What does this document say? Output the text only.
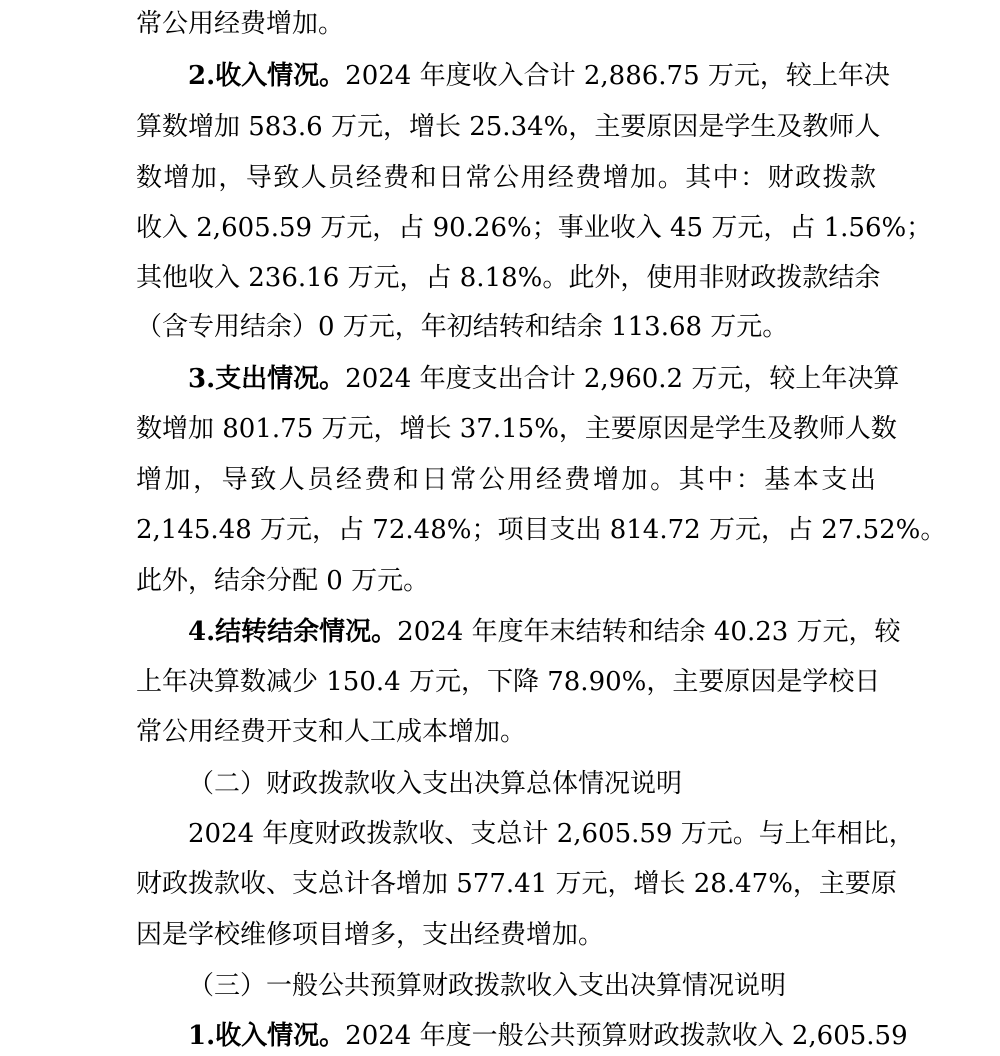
常公用经费增加。
2.收入情况。2024 年度收入合计 2,886.75 万元，较上年决
算数增加 583.6 万元，增长 25.34%，主要原因是学生及教师人
数增加，导致人员经费和日常公用经费增加。其中：财政拨款
收入 2,605.59 万元，占 90.26%；事业收入 45 万元，占 1.56%；
其他收入 236.16 万元，占 8.18%。此外，使用非财政拨款结余
（含专用结余）0 万元，年初结转和结余 113.68 万元。
3.支出情况。2024 年度支出合计 2,960.2 万元，较上年决算
数增加 801.75 万元，增长 37.15%，主要原因是学生及教师人数
增加，导致人员经费和日常公用经费增加。其中：基本支出
2,145.48 万元，占 72.48%；项目支出 814.72 万元，占 27.52%。
此外，结余分配 0 万元。
4.结转结余情况。2024 年度年末结转和结余 40.23 万元，较
上年决算数减少 150.4 万元，下降 78.90%，主要原因是学校日
常公用经费开支和人工成本增加。
（二）财政拨款收入支出决算总体情况说明
2024 年度财政拨款收、支总计 2,605.59 万元。与上年相比，
财政拨款收、支总计各增加 577.41 万元，增长 28.47%，主要原
因是学校维修项目增多，支出经费增加。
（三）一般公共预算财政拨款收入支出决算情况说明
1.收入情况。2024 年度一般公共预算财政拨款收入 2,605.59
